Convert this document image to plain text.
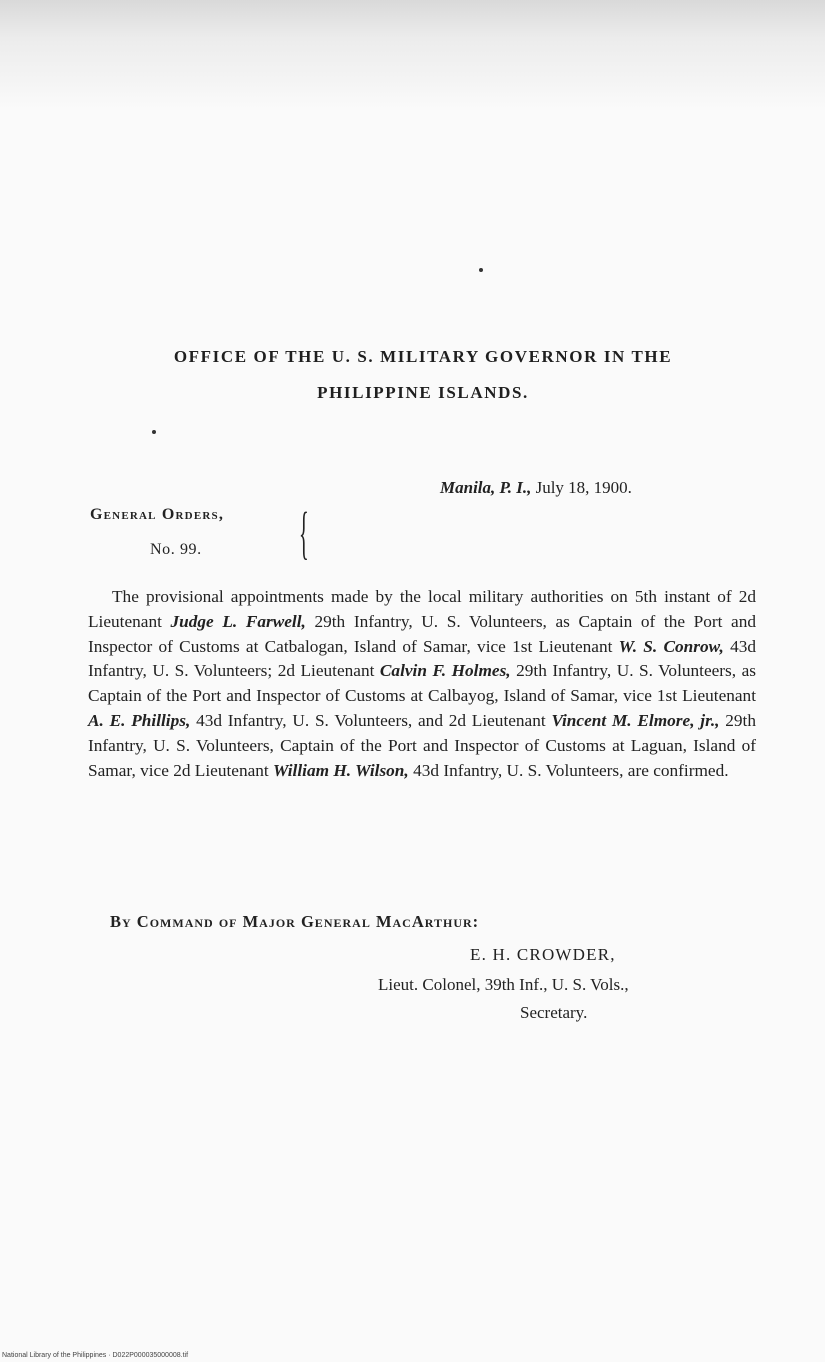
OFFICE OF THE U. S. MILITARY GOVERNOR IN THE
PHILIPPINE ISLANDS.
Manila, P. I., July 18, 1900.
General Orders,
No. 99. {

The provisional appointments made by the local military authorities on 5th instant of 2d Lieutenant Judge L. Farwell, 29th Infantry, U. S. Volunteers, as Captain of the Port and Inspector of Customs at Catbalogan, Island of Samar, vice 1st Lieutenant W. S. Conrow, 43d Infantry, U. S. Volunteers; 2d Lieutenant Calvin F. Holmes, 29th Infantry, U. S. Volunteers, as Captain of the Port and Inspector of Customs at Calbayog, Island of Samar, vice 1st Lieutenant A. E. Phillips, 43d Infantry, U. S. Volunteers, and 2d Lieutenant Vincent M. Elmore, jr., 29th Infantry, U. S. Volunteers, Captain of the Port and Inspector of Customs at Laguan, Island of Samar, vice 2d Lieutenant William H. Wilson, 43d Infantry, U. S. Volunteers, are confirmed.

By Command of Major General MacArthur:
E. H. CROWDER,
Lieut. Colonel, 39th Inf., U. S. Vols.,
Secretary.
National Library of the Philippines · D022P000035000008.tif
